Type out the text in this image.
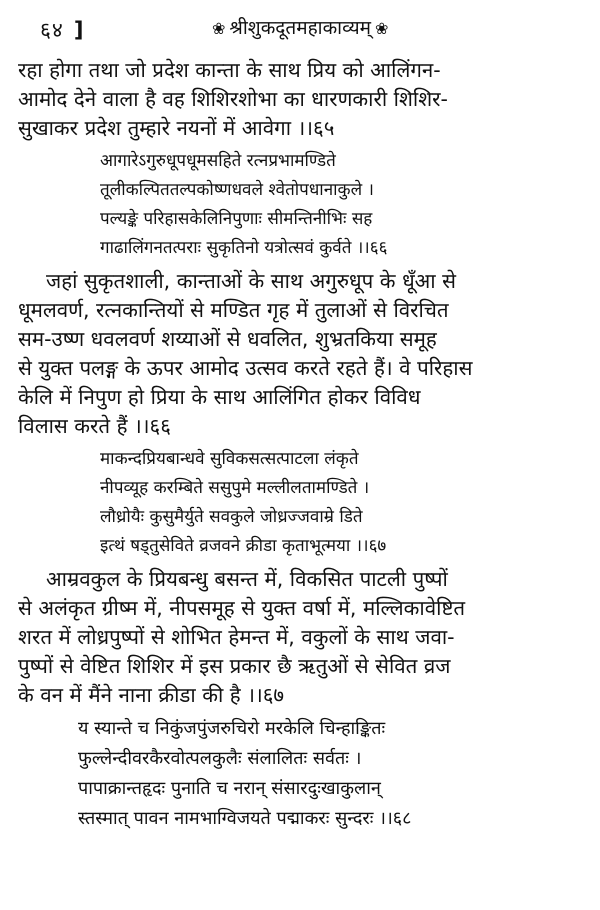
६४ ]	❀ श्रीशुकदूतमहाकाव्यम् ❀

रहा होगा तथा जो प्रदेश कान्ता के साथ प्रिय को आलिंगन-

आमोद देने वाला है वह शिशिरशोभा का धारणकारी शिशिर-

सुखाकर प्रदेश तुम्हारे नयनों में आवेगा ।।६५

आगारेऽगुरुधूपधूमसहिते रत्नप्रभामण्डिते
तूलीकल्पिततल्पकोष्णधवले श्वेतोपधानाकुले ।
पल्यङ्के परिहासकेलिनिपुणाः सीमन्तिनीभिः सह
गाढालिंगनतत्पराः सुकृतिनो यत्रोत्सवं कुर्वते ।।६६

जहां सुकृतशाली, कान्ताओं के साथ अगुरुधूप के धूँआ से

धूमलवर्ण, रत्नकान्तियों से मण्डित गृह में तुलाओं से विरचित

सम-उष्ण धवलवर्ण शय्याओं से धवलित, शुभ्रतकिया समूह

से युक्त पलङ्ग के ऊपर आमोद उत्सव करते रहते हैं। वे परिहास

केलि में निपुण हो प्रिया के साथ आलिंगित होकर विविध

विलास करते हैं ।।६६

माकन्दप्रियबान्धवे सुविकसत्सत्पाटला लंकृते
नीपव्यूह करम्बिते ससुपुमे मल्लीलतामण्डिते ।
लौध्रोयैः कुसुमैर्युते सवकुले जोध्रज्जवाम्रे डिते
इत्थं षड्तुसेविते व्रजवने क्रीडा कृताभूत्मया ।।६७

आम्रवकुल के प्रियबन्धु बसन्त में, विकसित पाटली पुष्पों

से अलंकृत ग्रीष्म में, नीपसमूह से युक्त वर्षा में, मल्लिकावेष्टित

शरत में लोध्रपुष्पों से शोभित हेमन्त में, वकुलों के साथ जवा-

पुष्पों से वेष्टित शिशिर में इस प्रकार छै ऋतुओं से सेवित व्रज

के वन में मैंने नाना क्रीडा की है ।।६७

य स्यान्ते च निकुंजपुंजरुचिरो मरकेलि चिन्हाङ्कितः
फुल्लेन्दीवरकैरवोत्पलकुलैः संलालितः सर्वतः ।
पापाक्रान्तहृदः पुनाति च नरान् संसारदुःखाकुलान्
स्तस्मात् पावन नामभाग्विजयते पद्माकरः सुन्दरः ।।६८
